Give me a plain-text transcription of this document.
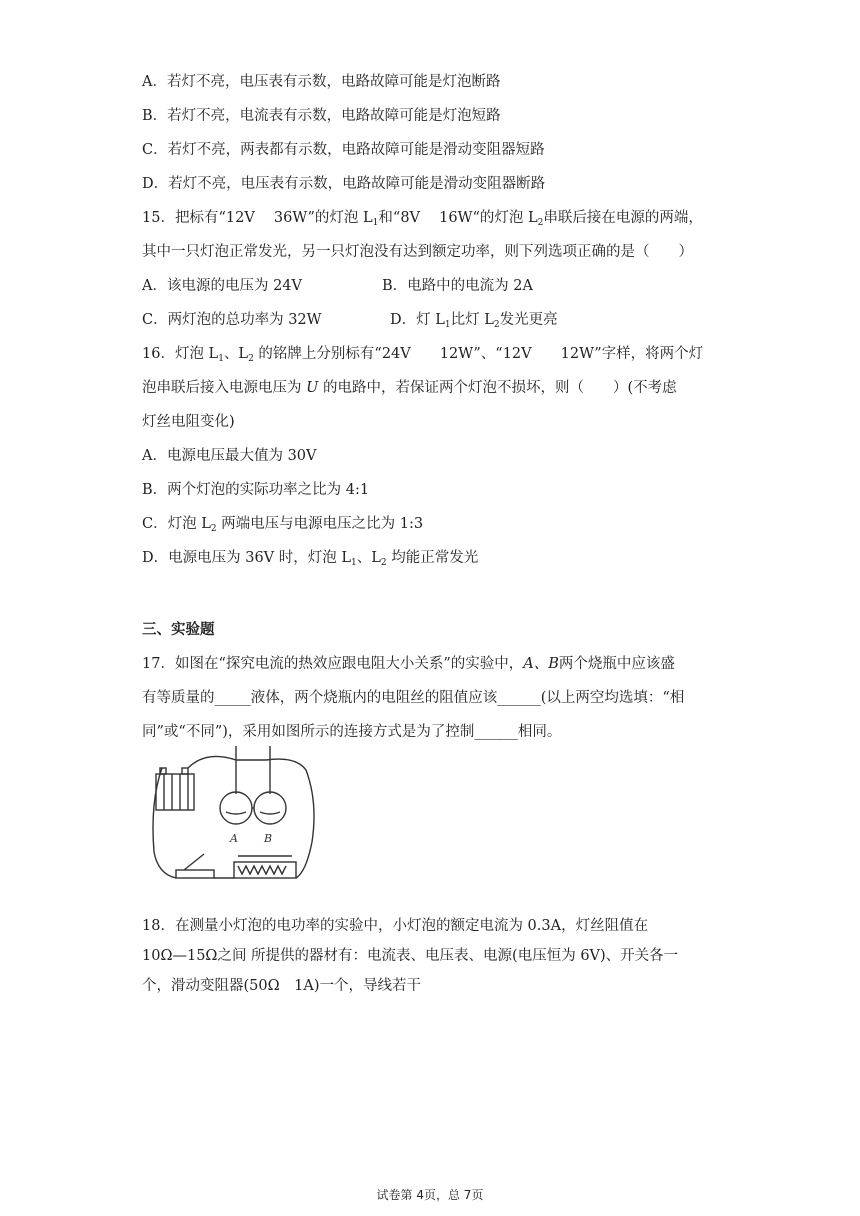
A．若灯不亮，电压表有示数，电路故障可能是灯泡断路
B．若灯不亮，电流表有示数，电路故障可能是灯泡短路
C．若灯不亮，两表都有示数，电路故障可能是滑动变阻器短路
D．若灯不亮，电压表有示数，电路故障可能是滑动变阻器断路
15．把标有“12V　 36W”的灯泡 $L_1$和“8V　 16W“的灯泡 $L_2$串联后接在电源的两端，
其中一只灯泡正常发光，另一只灯泡没有达到额定功率，则下列选项正确的是（　　）
A．该电源的电压为 24V	B．电路中的电流为 2A
C．两灯泡的总功率为 32W	D．灯 $L_1$比灯 $L_2$发光更亮
16．灯泡 $L_1$、$L_2$ 的铭牌上分别标有“24V　　12W”、“12V　　12W”字样，将两个灯
泡串联后接入电源电压为 U 的电路中，若保证两个灯泡不损坏，则（　　）(不考虑
灯丝电阻变化)
A．电源电压最大值为 30V
B．两个灯泡的实际功率之比为 4:1
C．灯泡 $L_2$ 两端电压与电源电压之比为 1:3
D．电源电压为 36V 时，灯泡 $L_1$、$L_2$ 均能正常发光
三、实验题
17．如图在“探究电流的热效应跟电阻大小关系”的实验中，A、B两个烧瓶中应该盛
有等质量的_____液体，两个烧瓶内的电阻丝的阻值应该______(以上两空均选填：“相
同”或“不同”)，采用如图所示的连接方式是为了控制______相同。
A B
18．在测量小灯泡的电功率的实验中，小灯泡的额定电流为 0.3A，灯丝阻值在
10Ω—15Ω之间 所提供的器材有：电流表、电压表、电源(电压恒为 6V)、开关各一
个，滑动变阻器(50Ω　1A)一个，导线若干
试卷第 4页，总 7页
